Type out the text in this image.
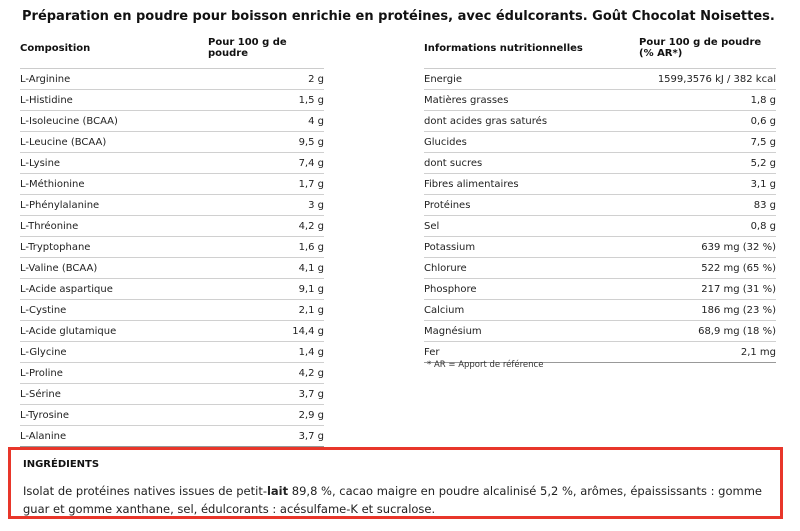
Préparation en poudre pour boisson enrichie en protéines, avec édulcorants. Goût Chocolat Noisettes.
Composition
Pour 100 g de poudre
L-Arginine	2 g
L-Histidine	1,5 g
L-Isoleucine (BCAA)	4 g
L-Leucine (BCAA)	9,5 g
L-Lysine	7,4 g
L-Méthionine	1,7 g
L-Phénylalanine	3 g
L-Thréonine	4,2 g
L-Tryptophane	1,6 g
L-Valine (BCAA)	4,1 g
L-Acide aspartique	9,1 g
L-Cystine	2,1 g
L-Acide glutamique	14,4 g
L-Glycine	1,4 g
L-Proline	4,2 g
L-Sérine	3,7 g
L-Tyrosine	2,9 g
L-Alanine	3,7 g
Informations nutritionnelles
Pour 100 g de poudre (% AR*)
Energie	1599,3576 kJ / 382 kcal
Matières grasses	1,8 g
dont acides gras saturés	0,6 g
Glucides	7,5 g
dont sucres	5,2 g
Fibres alimentaires	3,1 g
Protéines	83 g
Sel	0,8 g
Potassium	639 mg (32 %)
Chlorure	522 mg (65 %)
Phosphore	217 mg (31 %)
Calcium	186 mg (23 %)
Magnésium	68,9 mg (18 %)
Fer	2,1 mg
* AR = Apport de référence
INGRÉDIENTS
Isolat de protéines natives issues de petit-lait 89,8 %, cacao maigre en poudre alcalinisé 5,2 %, arômes, épaississants : gomme guar et gomme xanthane, sel, édulcorants : acésulfame-K et sucralose.
